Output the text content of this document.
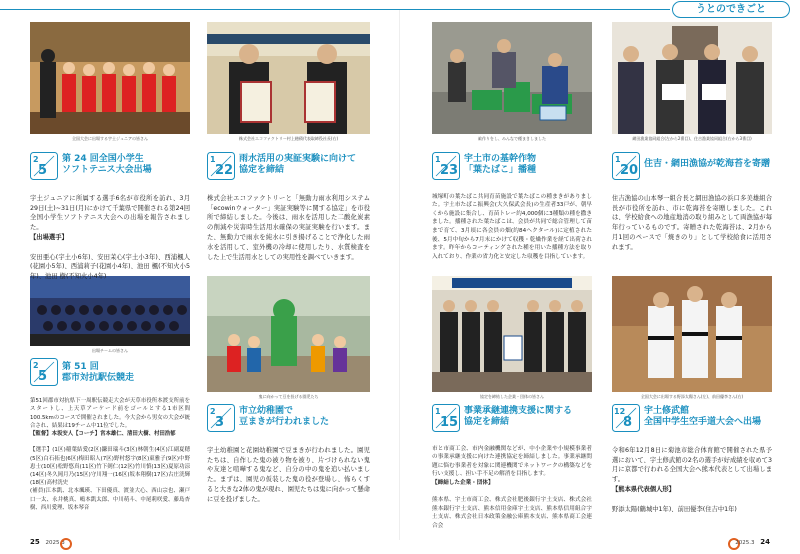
うとのできごと
全国大会に出場する宇土ジュニアの皆さん	株式会社エコファクトリー村上穂積代表取締役社長(右)	畝作りをし、みんなで種まきしました	網田漁業協同組合(左から2番目)、住吉漁業協同組合(右から3番目)
出場チームの皆さん
鬼に向かって豆を投げる園児たち	協定を締結した企業・団体の皆さん	全国大会に出場する野添太陽さん(左)、前田優李さん(右)
2
5
第 24 回全国小学生
ソフトテニス大会出場

宇土ジュニアに所属する選手6名が市役所を訪れ、3月29日(土)~31日(月)にかけて千葉県で開催される第24回全国小学生ソフトテニス大会への出場を報告されました。

【出場選手】

安田亜心(宇土小6年)、安田茉心(宇土小3年)、西浦楓人(花園小5年)、西浦莉子(花園小4年)、池田 楓(不知火小5年)、池田 樹(不知火小4年)

1
22
雨水活用の実証実験に向けて
協定を締結

株式会社エコファクトリーと「無動力雨水利用システム「ecowinウォーター」実証実験等に関する協定」を市役所で締結しました。今後は、雨水を活用した二酸化炭素の削減や災害時生活用水確保の実証実験を行います。また、無動力で雨水を純水に引き揚げることで浄化した雨水を活用して、室外機の冷却に使用したり、水質検査をした上で生活用水としての実用性を調べていきます。

2
5
第 51 回
郡市対抗駅伝競走

第51回郡市対抗県下一周駅伝競走大会が天草市役所本渡支所前をスタートし、上天草アーケード前をゴールとする1市区間100.5kmのコースで開催されました。今大会から男女の大会が統合され、結果は19チーム中11位でした。

【監督】本坂安人【コーチ】宮本雄仁、清田大樹、村田浩郁

【選手】(1区)稲葉結愛(2区)鎌田瑞斗(3区)林朝生(4区)江副夏穂(5区)白石拓也(6区)梅田昭人(7区)野村悠宇(8区)東雅子(9区)中野恵士(10区)松野悠真(11区)竹下剣仁(12区)竹川慎(13区)夏原功涼(14区)冬久岡月乃(15区)守川翔一(16区)坂本翔樹(17区)古庄洸輝(18区)高村洸史
(補員)江本凱、北本颯瑛、下田優真、渡並大心、西山宗也、瀬戸口一太、永井桃真、嶋本凱太郎、中川萌斗、中尾莉咲愛、藤島杏樹、西川愛理、坂本琴音

2
3
市立幼稚園で
豆まきが行われました

宇土幼稚園と花園幼稚園で豆まきが行われました。園児たちは、自作した鬼の被り物を被り、片づけられない鬼や友達と喧嘩する鬼など、自分の中の鬼を追い払いました。まずは、園児の仮装した鬼の役が登場し、怖らくすると大きな2体の鬼が現れ、園児たちは鬼に向かって懸命に豆を投げました。

1
23
宇土市の基幹作物
「葉たばこ」播種

城塚町の葉たばこ共同育苗施設で葉たばこの種まきがありました。宇土市たばこ振興会(大久保武会長)の生産者33戸が、朝早くから施設に集合し、育苗トレー約4,000個に3種類の種を撒きました。播種された葉たばこは、会員が共同で総合管理して苗まで育て、3月頃に各会員の畑(約84ヘクタール)に定植された後、5月中旬から7月末にかけて収穫・乾燥作業を経て出荷されます。昨年からコーティングされた種を用いた播種方法を取り入れており、作業の省力化と安定した収穫を目指しています。

1
20 住吉・網田漁協が乾海苔を寄贈

住吉漁協の山本琴一組合長と網田漁協の浜口多美雄組合長が市役所を訪れ、市に乾海苔を寄贈しました。これは、学校給食への地産地消の取り組みとして両漁協が毎年行っているものです。寄贈された乾海苔は、2月から月1回のペースで「焼きのり」として学校給食に活用されます。

1
15
事業承継連携支援に関する
協定を締結

市と市商工会、市内金融機関などが、中小企業や小規模事業者の事業承継支援に向けた連携協定を締結しました。事業承継問題に悩む事業者を対象に関連機関でネットワークの構築などを行い支援し、担い手不足の解消を目指します。

【締結した企業・団体】

熊本県、宇土市商工会、株式会社肥後銀行宇土支店、株式会社熊本銀行宇土支店、熊本信用金庫宇土支店、熊本県信用組合宇土支店、株式会社日本政策金融公庫熊本支店、熊本県商工会連合会

12
8
宇土修武館
全国中学生空手道大会へ出場

令和6年12月8日に菊池市総合体育館で開催された県予選において、宇土修武館の2名の選手が好成績を収めて3月に京都で行われる全国大会へ熊本代表として出場します。

【熊本県代表個人形】

野添太陽(鶴城中1年)、前田優李(住吉中1年)

25 2025.3	2025.3 24
